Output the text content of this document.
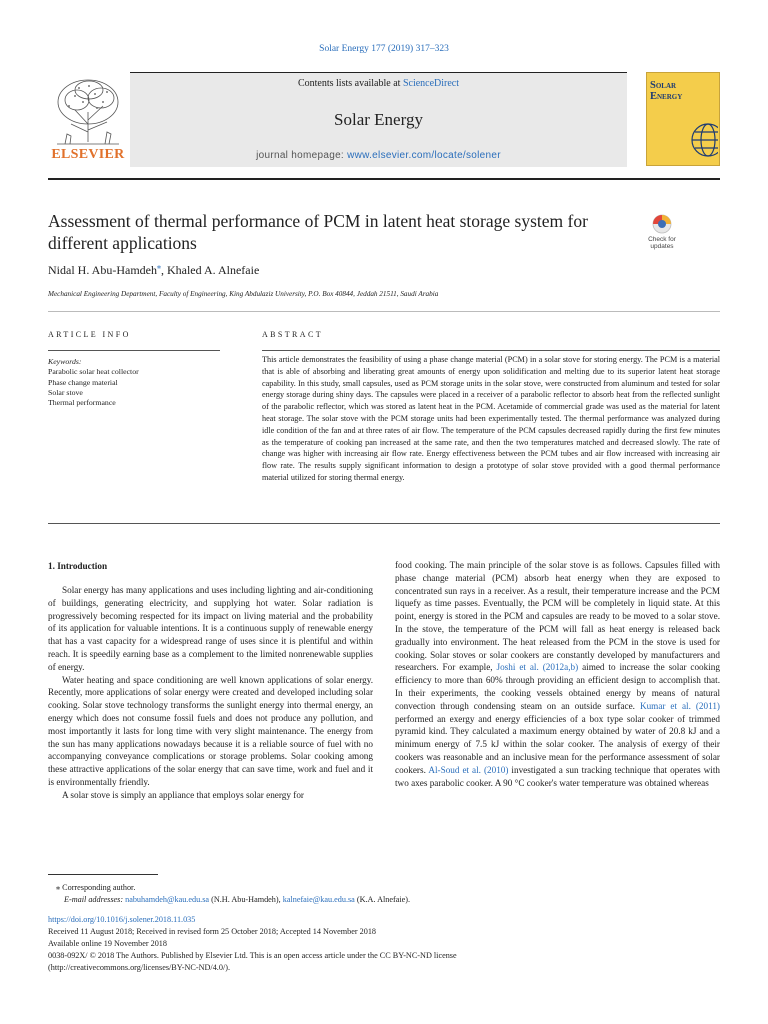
Solar Energy 177 (2019) 317–323
ELSEVIER
Contents lists available at ScienceDirect
Solar Energy
journal homepage: www.elsevier.com/locate/solener
Solar Energy
Assessment of thermal performance of PCM in latent heat storage system for different applications	Check for updates
Nidal H. Abu-Hamdeh⁎, Khaled A. Alnefaie
Mechanical Engineering Department, Faculty of Engineering, King Abdulaziz University, P.O. Box 40844, Jeddah 21511, Saudi Arabia
ARTICLE INFO
Keywords:
Parabolic solar heat collector
Phase change material
Solar stove
Thermal performance
ABSTRACT
This article demonstrates the feasibility of using a phase change material (PCM) in a solar stove for storing energy. The PCM is a material that is able of absorbing and liberating great amounts of energy upon solidification and melting due to its superior latent heat storage capability. In this study, small capsules, used as PCM storage units in the solar stove, were constructed from aluminum and tested for solar energy storage during shiny days. The capsules were placed in a receiver of a parabolic reflector to absorb heat from the reflected sunlight of the parabolic reflector, which was stored as latent heat in the PCM. Acetamide of commercial grade was used as the material for latent heat storage. The solar stove with the PCM storage units had been experimentally tested. The thermal performance was analyzed during idle condition of the fan and at three rates of air flow. The temperature of the PCM capsules decreased rapidly during the first few minutes as the temperature of cooking pan increased at the same rate, and then the two temperatures matched and decreased slowly. The rate of change was higher with increasing air flow rate. Energy effectiveness between the PCM tubes and air flow increased with increasing air flow rate. The results supply significant information to design a prototype of solar stove provided with a good thermal performance material utilized for storing thermal energy.
1. Introduction

Solar energy has many applications and uses including lighting and air-conditioning of buildings, generating electricity, and supplying hot water. Solar radiation is progressively becoming respected for its impact on living material and the probability of its application for valuable intentions. It is a continuous supply of renewable energy that has a vast capacity for a widespread range of uses since it is plentiful and within reach. It is speedily earning base as a complement to the limited nonrenewable supplies of energy.

Water heating and space conditioning are well known applications of solar energy. Recently, more applications of solar energy were created and developed including solar cooking. Solar stove technology transforms the sunlight energy into thermal energy, an energy which does not consume fossil fuels and does not produce any pollution, and most importantly it lasts for long time with very slight maintenance. The energy from the sun has many applications nowadays because it is a reliable source of fuel with no accompanying conveyance complications or storage problems. Solar cooking among these attractive applications of the solar energy that can save time, work and fuel and it is environmentally friendly.

A solar stove is simply an appliance that employs solar energy for

food cooking. The main principle of the solar stove is as follows. Capsules filled with phase change material (PCM) absorb heat energy when they are exposed to concentrated sun rays in a receiver. As a result, their temperature increase and the PCM liquefy as time passes. Eventually, the PCM will be completely in liquid state. At this point, energy is stored in the PCM and capsules are ready to be moved to a solar stove. In the stove, the temperature of the PCM will fall as heat energy is released back gradually into environment. The heat released from the PCM in the stove is used for cooking. Solar stoves or solar cookers are constantly developed by manufacturers and researchers. For example, Joshi et al. (2012a,b) aimed to increase the solar cooking efficiency to more than 60% through providing an efficient design to accomplish that. In their experiments, the cooking vessels obtained energy by means of natural convection through condensing steam on an outside surface. Kumar et al. (2011) performed an exergy and energy efficiencies of a box type solar cooker of trimmed pyramid kind. They calculated a maximum energy obtained by water of 20.8 kJ and a minimum energy of 7.5 kJ within the solar cooker. The analysis of exergy of their cookers was reasonable and an inclusive mean for the performance assessment of solar cookers. Al-Soud et al. (2010) investigated a sun tracking technique that operates with two axes parabolic cooker. A 90 °C cooker's water temperature was obtained whereas

⁎ Corresponding author.
E-mail addresses: nabuhamdeh@kau.edu.sa (N.H. Abu-Hamdeh), kalnefaie@kau.edu.sa (K.A. Alnefaie).
https://doi.org/10.1016/j.solener.2018.11.035
Received 11 August 2018; Received in revised form 25 October 2018; Accepted 14 November 2018
Available online 19 November 2018
0038-092X/ © 2018 The Authors. Published by Elsevier Ltd. This is an open access article under the CC BY-NC-ND license
(http://creativecommons.org/licenses/BY-NC-ND/4.0/).
